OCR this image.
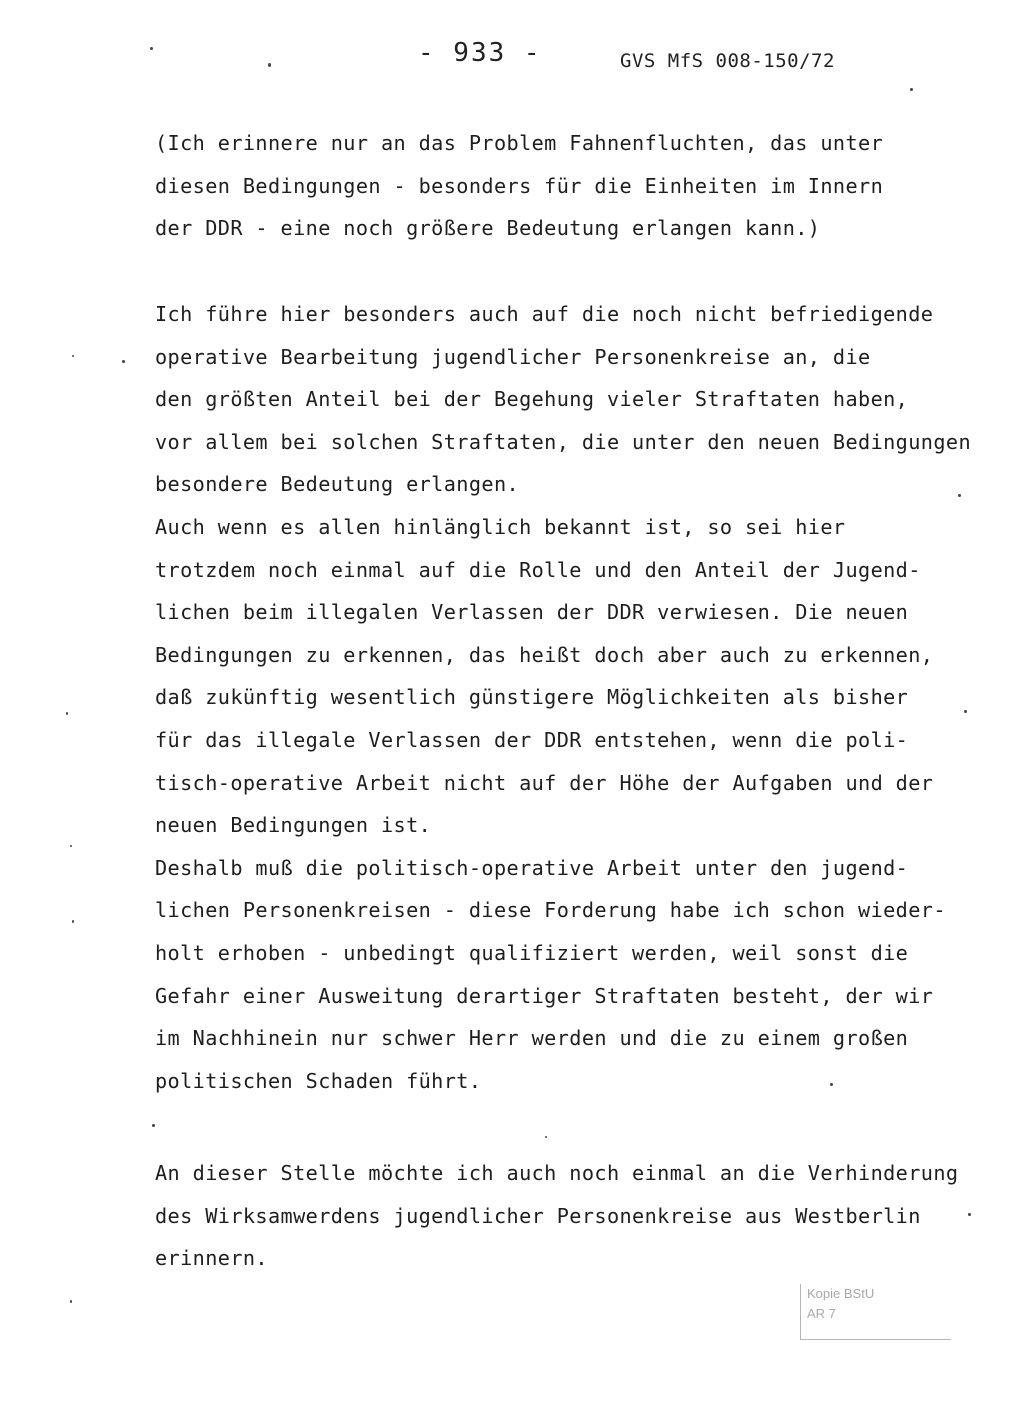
- 933 -	GVS MfS 008-150/72
(Ich erinnere nur an das Problem Fahnenfluchten, das unter
diesen Bedingungen - besonders für die Einheiten im Innern
der DDR - eine noch größere Bedeutung erlangen kann.)
Ich führe hier besonders auch auf die noch nicht befriedigende
operative Bearbeitung jugendlicher Personenkreise an, die
den größten Anteil bei der Begehung vieler Straftaten haben,
vor allem bei solchen Straftaten, die unter den neuen Bedingungen
besondere Bedeutung erlangen.
Auch wenn es allen hinlänglich bekannt ist, so sei hier
trotzdem noch einmal auf die Rolle und den Anteil der Jugend-
lichen beim illegalen Verlassen der DDR verwiesen. Die neuen
Bedingungen zu erkennen, das heißt doch aber auch zu erkennen,
daß zukünftig wesentlich günstigere Möglichkeiten als bisher
für das illegale Verlassen der DDR entstehen, wenn die poli-
tisch-operative Arbeit nicht auf der Höhe der Aufgaben und der
neuen Bedingungen ist.
Deshalb muß die politisch-operative Arbeit unter den jugend-
lichen Personenkreisen - diese Forderung habe ich schon wieder-
holt erhoben - unbedingt qualifiziert werden, weil sonst die
Gefahr einer Ausweitung derartiger Straftaten besteht, der wir
im Nachhinein nur schwer Herr werden und die zu einem großen
politischen Schaden führt.
An dieser Stelle möchte ich auch noch einmal an die Verhinderung
des Wirksamwerdens jugendlicher Personenkreise aus Westberlin
erinnern.
Kopie BStU
AR 7
